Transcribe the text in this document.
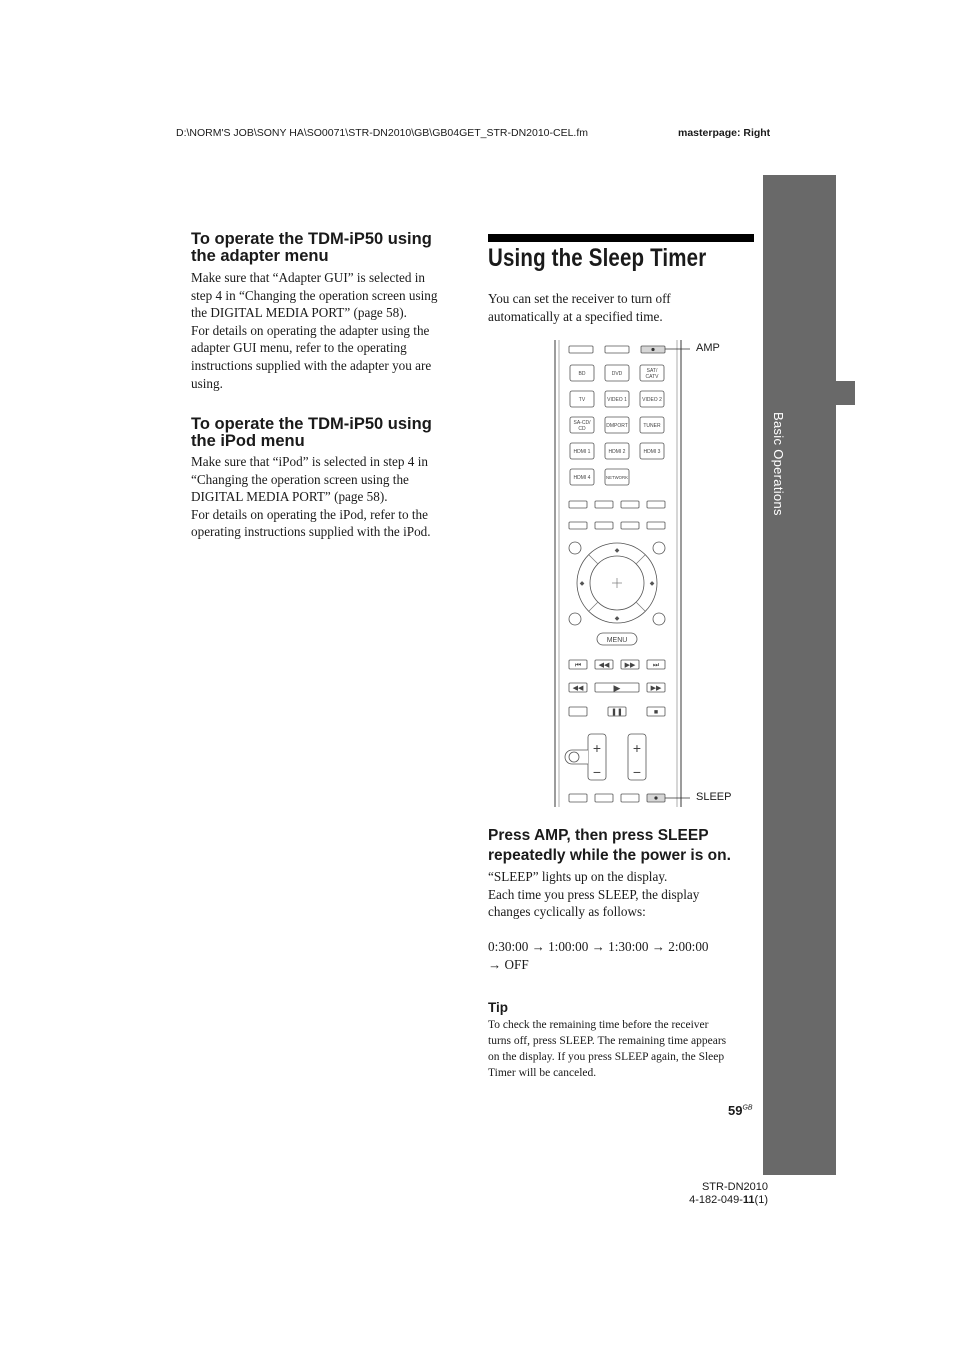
D:\NORM'S JOB\SONY HA\SO0071\STR-DN2010\GB\GB04GET_STR-DN2010-CEL.fm	masterpage: Right
Basic Operations
To operate the TDM-iP50 using
the adapter menu
Make sure that “Adapter GUI” is selected in
step 4 in “Changing the operation screen using
the DIGITAL MEDIA PORT” (page 58).
For details on operating the adapter using the
adapter GUI menu, refer to the operating
instructions supplied with the adapter you are
using.
To operate the TDM-iP50 using
the iPod menu
Make sure that “iPod” is selected in step 4 in
“Changing the operation screen using the
DIGITAL MEDIA PORT” (page 58).
For details on operating the iPod, refer to the
operating instructions supplied with the iPod.
Using the Sleep Timer
You can set the receiver to turn off
automatically at a specified time.
◆
◆
◆	◆
⏮ ◀◀ ▶▶ ⏭
◀◀	▶	▶▶
❚❚	■
+
−
+
−
BD	DVD	SAT/
CATV
TV	VIDEO 1	VIDEO 2
SA-CD/
CD	DMPORT	TUNER
HDMI 1	HDMI 2	HDMI 3
HDMI 4	NETWORK
MENU
AMP
SLEEP
Press AMP, then press SLEEP
repeatedly while the power is on.
“SLEEP” lights up on the display.
Each time you press SLEEP, the display
changes cyclically as follows:
0:30:00 → 1:00:00 → 1:30:00 → 2:00:00
→ OFF
Tip
To check the remaining time before the receiver
turns off, press SLEEP. The remaining time appears
on the display. If you press SLEEP again, the Sleep
Timer will be canceled.
$59^{GB}$
STR-DN2010
4-182-049-11(1)
